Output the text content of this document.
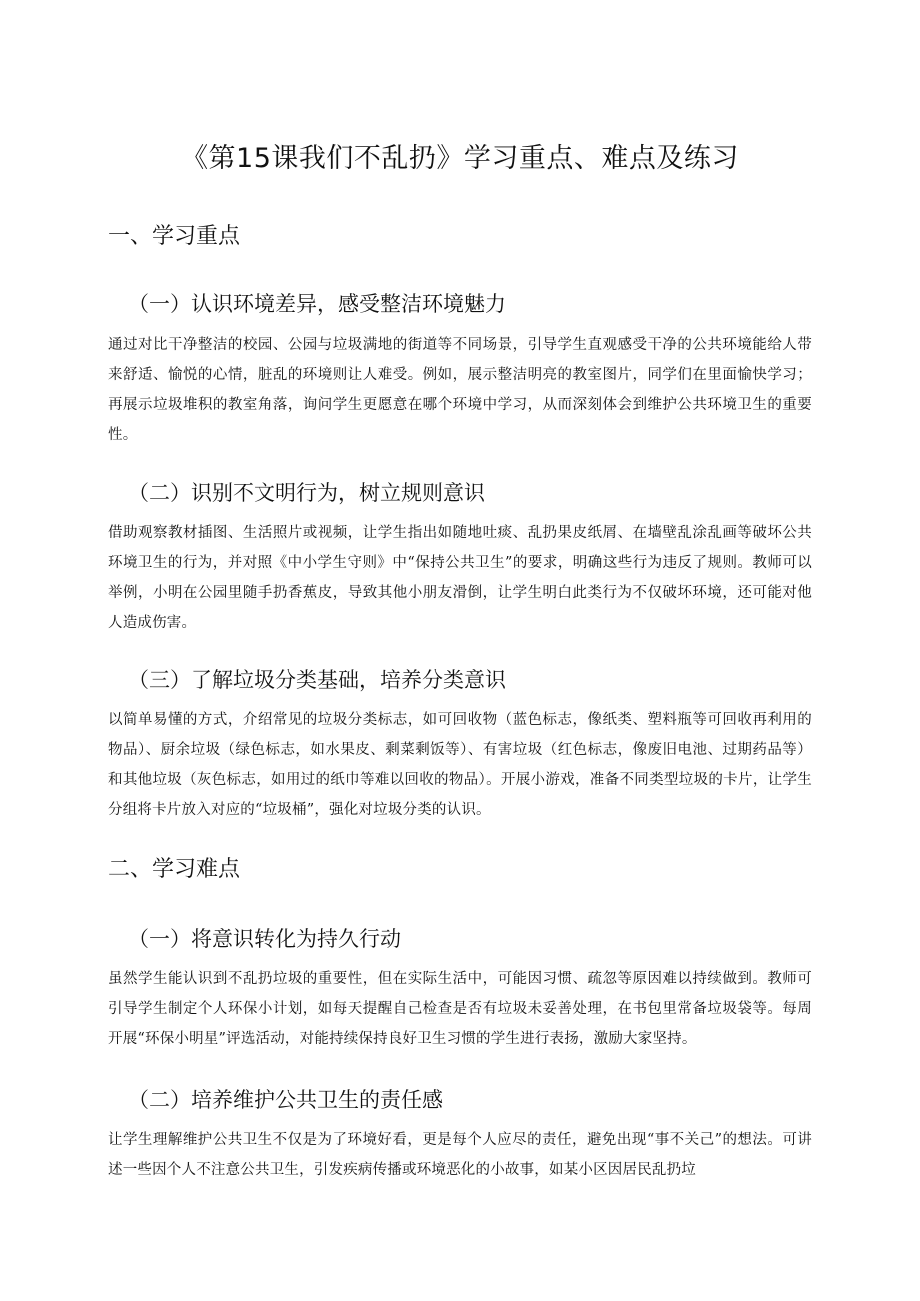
《第15课我们不乱扔》学习重点、难点及练习
一、学习重点
（一）认识环境差异，感受整洁环境魅力

通过对比干净整洁的校园、公园与垃圾满地的街道等不同场景，引导学生直观感受干净的公共环境能给人带来舒适、愉悦的心情，脏乱的环境则让人难受。例如，展示整洁明亮的教室图片，同学们在里面愉快学习；再展示垃圾堆积的教室角落，询问学生更愿意在哪个环境中学习，从而深刻体会到维护公共环境卫生的重要性。

（二）识别不文明行为，树立规则意识

借助观察教材插图、生活照片或视频，让学生指出如随地吐痰、乱扔果皮纸屑、在墙壁乱涂乱画等破坏公共环境卫生的行为，并对照《中小学生守则》中“保持公共卫生”的要求，明确这些行为违反了规则。教师可以举例，小明在公园里随手扔香蕉皮，导致其他小朋友滑倒，让学生明白此类行为不仅破坏环境，还可能对他人造成伤害。

（三）了解垃圾分类基础，培养分类意识

以简单易懂的方式，介绍常见的垃圾分类标志，如可回收物（蓝色标志，像纸类、塑料瓶等可回收再利用的物品）、厨余垃圾（绿色标志，如水果皮、剩菜剩饭等）、有害垃圾（红色标志，像废旧电池、过期药品等）和其他垃圾（灰色标志，如用过的纸巾等难以回收的物品）。开展小游戏，准备不同类型垃圾的卡片，让学生分组将卡片放入对应的“垃圾桶”，强化对垃圾分类的认识。

二、学习难点
（一）将意识转化为持久行动

虽然学生能认识到不乱扔垃圾的重要性，但在实际生活中，可能因习惯、疏忽等原因难以持续做到。教师可引导学生制定个人环保小计划，如每天提醒自己检查是否有垃圾未妥善处理，在书包里常备垃圾袋等。每周开展“环保小明星”评选活动，对能持续保持良好卫生习惯的学生进行表扬，激励大家坚持。

（二）培养维护公共卫生的责任感

让学生理解维护公共卫生不仅是为了环境好看，更是每个人应尽的责任，避免出现“事不关己”的想法。可讲述一些因个人不注意公共卫生，引发疾病传播或环境恶化的小故事，如某小区因居民乱扔垃
